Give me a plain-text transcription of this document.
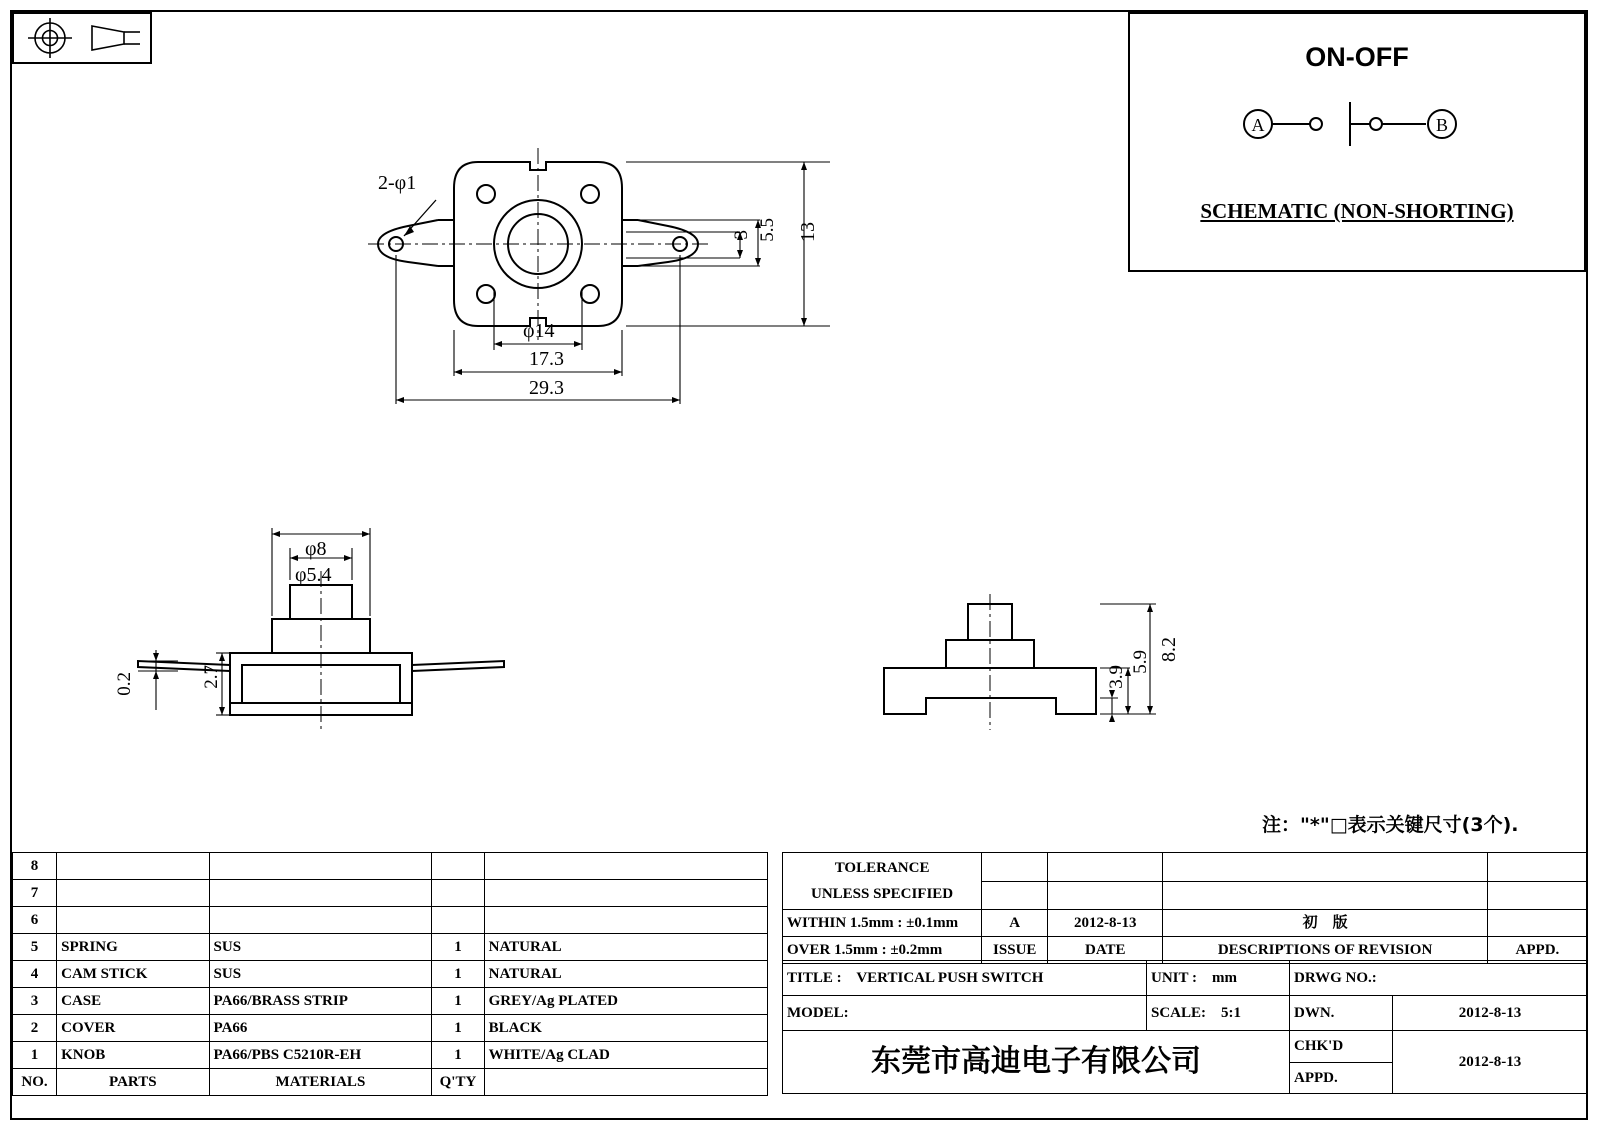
ON-OFF
A	B
SCHEMATIC (NON-SHORTING)
2-φ1
φ14
17.3
29.3
3 5.5 13
φ8
φ5.4
0.2	2.7	3.9
5.9 8.2
注："*"□表示关键尺寸(3个).
8				
7				
6				
5	SPRING	SUS	1	NATURAL
4	CAM STICK	SUS	1	NATURAL
3	CASE	PA66/BRASS STRIP	1	GREY/Ag PLATED
2	COVER	PA66	1	BLACK
1	KNOB	PA66/PBS C5210R-EH	1	WHITE/Ag CLAD
NO.	PARTS	MATERIALS	Q'TY	
TOLERANCE
UNLESS SPECIFIED				

WITHIN 1.5mm : ±0.1mm	A	2012-8-13	初　版	
OVER 1.5mm : ±0.2mm	ISSUE	DATE	DESCRIPTIONS OF REVISION	APPD.
TITLE : VERTICAL PUSH SWITCH	UNIT : mm	DRWG NO.:	
MODEL:	SCALE: 5:1	DWN.	2012-8-13
东莞市高迪电子有限公司		CHK'D	2012-8-13
		APPD.	
